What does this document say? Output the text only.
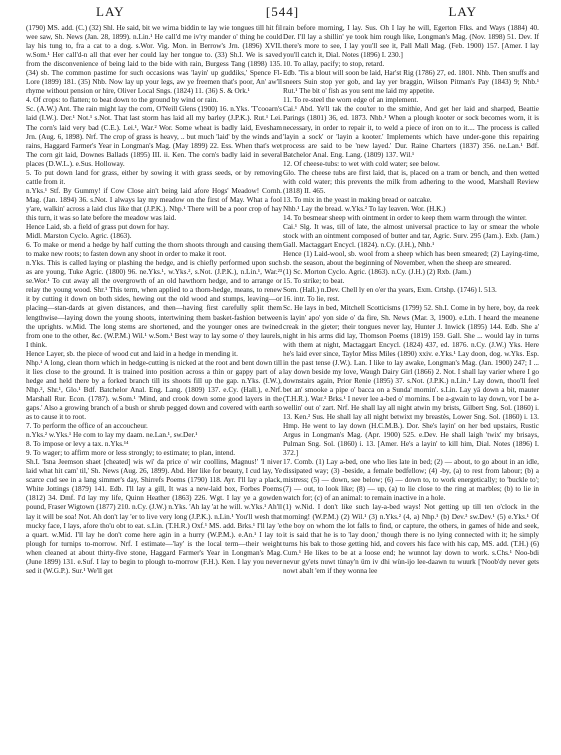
LAY	[544]	LAY

(1790) MS. add. (C.) (32) Shl. He said, bit we wirna biddin te lay wie tongues till hit fil wee saw, Sh. News (Jan. 28, 1899). n.Lin.¹ He call'd me iv'ry mander o' thing he could lay his tung to, fra a cat to a dog. s.Wor. Vig. Mon. in Berrow's Jrn. (1896) XVII. w.Som.¹ Her call'd-n all that ever her could lay her tongue to. (33) Sh.I. We is saved from the disconvenience of being laid to the bide with rain, Burgess Tang (1898) 135. (34) sb. The common pastime for such occasions was 'layin' up guddiks,' Spence Fl-Lore (1899) 181. (35) Nhb. Now lay up your legs, aw ye freemen that's poor, An' aw'll rhyme without pension or hire, Oliver Local Sngs. (1824) 11. (36) S. & Ork.¹

4. Of crops: to flatten; to beat down to the ground by wind or rain.

Sc. (A.W.) Ant. The rain might lay the corn, O'Neill Glens (1900) 16. n.Yks. 'T'cooarn's laid (I.W.). Der.¹ Not.¹ s.Not. That last storm has laid all my barley (J.P.K.). Rut.¹ Lei. The corn's laid very bad (C.E.). Lei.¹, War.² Wor. Some wheat is badly laid, Evesham Jrn. (Aug. 6, 1898). Nrf. The crop of grass is heavy, .. but much 'laid' by the winds and rains, Haggard Farmer's Year in Longman's Mag. (May 1899) 22. Ess. When that's wet The corn git laid, Downes Ballads (1895) III. ii. Ken. The corn's badly laid in several places (D.W.L.). e.Sus. Holloway.

5. To put down land for grass, either by sowing it with grass seeds, or by removing cattle from it.

n.Yks.¹ Stf. By Gummy! if Cow Close ain't being laid afore Hogs' Meadow! Cornh. Mag. (Jan. 1894) 36. s.Not. I always lay my meadow on the first of May. What a fool y'are, walkin' across a laid clus like that (J.P.K.). Nhp.¹ There will be a poor crop of hay this turn, it was so late before the meadow was laid.

Hence Laid, sb. a field of grass put down for hay.

Midl. Marston Cyclo. Agric. (1863).

6. To make or mend a hedge by half cutting the thorn shoots through and causing them to make new roots; to fasten down any shoot in order to make it root.

n.Yks. This is called laying or plashing the hedge, and is chiefly performed upon such as are young, Tuke Agric. (1800) 96. ne.Yks.¹, w.Yks.², s.Not. (J.P.K.), n.Lin.¹, War.²³ se.Wor.¹ To cut away all the overgrowth of an old hawthorn hedge, and to arrange or relay the young wood. Shr.¹ This term, when applied to a thorn-hedge, means, to renew it by cutting it down on both sides, hewing out the old wood and stumps, leaving—or placing—stan-dards at given distances, and then—having first carefully split them lengthwise—laying down the young shoots, intertwining them basket-fashion between the uprights. w.Mid. The long stems are shortened, and the younger ones are twined from one to the other, &c. (W.P.M.) Wil.¹ w.Som.¹ Best way to lay some o' they laurels, I think.

Hence Layer, sb. the piece of wood cut and laid in a hedge in mending it.

Nhp.¹ A long, clean thorn which in hedge-cutting is nicked at the root and bent down till it lies close to the ground. It is trained into position across a thin or gappy part of a hedge and held there by a forked branch till its shoots fill up the gap. n.Yks. (I.W.), Nhp.², Shr.¹, Glo.¹ Bdf. Batchelor Anal. Eng. Lang. (1809) 137. e.Cy. (Hall.), e.Nrf. Marshall Rur. Econ. (1787). w.Som.¹ 'Mind, and crook down some good layers in the gaps.' Also a growing branch of a bush or shrub pegged down and covered with earth so as to cause it to root.

7. To perform the office of an accoucheur.

n.Yks.² w.Yks.¹ He com to lay my daam. ne.Lan.¹, sw.Der.¹

8. To impose or levy a tax. n.Yks.¹⁴

9. To wager; to affirm more or less strongly; to estimate; to plan, intend.

Sh.I. 'Isna Jeemson shaet [cheated] wis wi' da price o' wir coollins, Magnus!' 'I niver laid what hit cam' til,' Sh. News (Aug. 26, 1899). Abd. Her like for beauty, I cud lay, Ye scarce cud see in a lang simmer's day, Shirrefs Poems (1790) 118. Ayr. I'll lay a plack, White Jottings (1879) 141. Edb. I'll lay a gill, It was a new-laid box, Forbes Poems (1812) 34. Dmf. I'd lay my life, Quinn Heather (1863) 226. Wgt. I lay ye a gowden pound, Fraser Wigtown (1877) 210. n.Cy. (J.W.) n.Yks. 'Ah lay 'at he will. w.Yks.¹ Ah'll lay it will be soa! Not. Ah don't lay 'er to live very long (J.P.K.). n.Lin.¹ You'll wesh that mucky face, I lays, afore tho'u obt to eat. s.Lin. (T.H.R.) Oxf.¹ MS. add. Brks.¹ I'll lay 'e a quart. w.Mid. I'll lay he don't come here agin in a hurry (W.P.M.). e.An.¹ I lay to plough for turnips to-morrow. Nrf. I estimate—'lay' is the local term—their weight when cleaned at about thirty-five stone, Haggard Farmer's Year in Longman's Mag. (June 1899) 131. e.Suf. I lay to begin to plough to-morrow (F.H.). Ken. I lay you never sed it (W.G.P.). Sur.¹ We'll get

rain before morning, I lay. Sus. Oh I lay he will, Egerton Flks. and Ways (1884) 40. Der. I'll lay a shillin' ye took him rough like, Longman's Mag. (Nov. 1898) 51. Dev. If there's more to see, I lay you'll see it, Pall Mall Mag. (Feb. 1900) 157. [Amer. I lay you'll catch it, Dial. Notes (1896) I. 230.]

10. To allay, pacify; to stop, retard.

Edb. 'Tis a blout will soon be laid, Har'st Rig (1786) 27, ed. 1801. Nhb. Then snuffs and sneers Suin stop yer gob, and lay yer braggin, Wilson Pitman's Pay (1843) 9; Nhb.¹ Rut.¹ The bit o' fish as you sent me laid my appetite.

11. To re-steel the worn edge of an implement.

Cai.¹ Abd. Ye'll tak the cou'ter to the smithie, And get her laid and sharped, Beattie Parings (1801) 36, ed. 1873. Nhb.¹ When a plough kooter or sock becomes worn, it is necessary, in order to repair it, to weld a piece of iron on to it.... The process is called 'layin a sock' or 'layin a kooter.' Implements which have under-gone this repairing process are said to be 'new layed.' Dur. Raine Charters (1837) 356. ne.Lan.¹ Bdf. Batchelor Anal. Eng. Lang. (1809) 137. Wil.¹

12. Of cheese-tubs: to wet with cold water; see below.

Glo. The cheese tubs are first laid, that is, placed on a tram or bench, and then wetted with cold water; this prevents the milk from adhering to the wood, Marshall Review (1818) II. 465.

13. To mix in the yeast in making bread or oatcake.

Nhb.¹ Lay the bread. w.Yks.² To lay leaven. Wor. (H.K.)

14. To besmear sheep with ointment in order to keep them warm through the winter.

Cai.¹ Slg. It was, till of late, the almost universal practice to lay or smear the whole stock with an ointment composed of butter and tar, Agric. Surv. 295 (Jam.). Exb. (Jam.) Gall. Mactaggart Encycl. (1824). n.Cy. (J.H.), Nhb.¹

Hence (1) Laid-wool, sb. wool from a sheep which has been smeared; (2) Laying-time, sb. the season, about the beginning of November, when the sheep are smeared.

(1) Sc. Morton Cyclo. Agric. (1863). n.Cy. (J.H.) (2) Rxb. (Jam.)

15. To strike; to beat.

Som. (Hall.) n.Dev. Chell ly en o'er tha years, Exm. Crtshp. (1746) l. 513.

16. intr. To lie, rest.

Sc. He lays in bed, Mitchell Scotticisms (1799) 52. Sh.I. Come in by here, boy, da reek is layin' apo' yon side o' da fire, Sh. News (Mar. 3, 1900). e.Lth. I heard the meanene creak in the gieter; their tongues never lay, Hunter J. Inwick (1895) 144. Edb. She a' night in his arms did lay, Thomson Poems (1819) 159. Gall. She ... would lay in turns with them at night, Mactaggart Encycl. (1824) 437, ed. 1876. n.Cy. (J.W.) Yks. Here he's laid ever since, Taylor Miss Miles (1890) xxiv. e.Yks.¹ Lay doon, dog. w.Yks. Esp. in the past tense (J.W.). Lan. I like to lay awake, Longman's Mag. (Jan. 1900) 247; I ... lay down beside my love, Waugh Dairy Girl (1866) 2. Not. I shall lay varier where I go downstairs again, Prior Renie (1895) 37. s.Not. (J.P.K.) n.Lin.¹ Lay down, thoo'll feel bet an' smooke a pipe o' bacca on a Sunda' mornin'. s.Lin. Lay yä down a bit, mauter (T.H.R.). War.² Brks.¹ I never lee a-bed o' mornins. I be a-gwain to lay down, vor I be a-wellin' out o' zart. Nrf. He shall lay all night atwin my brists, Gilbert Sng. Sol. (1860) i. 13. Ken.² Sus. He shall lay all night betwixt my breastès, Lower Sng. Sol. (1860) i. 13. Hmp. He went to lay down (H.C.M.B.). Dor. She's layin' on her bed upstairs, Rustic Argus in Longman's Mag. (Apr. 1900) 525. e.Dev. He shall laigh 'twix' my brisays, Pulman Sng. Sol. (1860) i. 13. [Amer. He's a layin' to kill him, Dial. Notes (1896) I. 372.]

17. Comb. (1) Lay a-bed, one who lies late in bed; (2) — about, to go about in an idle, dissipated way; (3) -beside, a female bedfellow; (4) -by, (a) to rest from labour; (b) a mistress; (5) — down, see below; (6) — down to, to work energetically; to 'buckle to'; (7) — out, to look like; (8) — up, (a) to lie close to the ring at marbles; (b) to lie in watch for; (c) of an animal: to remain inactive in a hole.

(1) w.Nid. I don't like such lay-a-bed ways! Not getting up till ten o'clock in the morning! (W.P.M.) (2) Wil.¹ (3) n.Yks.² (4, a) Nhp.¹ (b) Dev.³ sw.Dev.¹ (5) e.Yks.¹ Of the boy on whom the lot falls to find, or capture, the others, in games of hide and seek, it is said that he is to 'lay doon,' though there is no lying connected with it; he simply turns his bak to those getting hid, and covers his face with his cap, MS. add. (T.H.) (6) Cum.¹ He likes to be at a loose end; he wunnot lay down to work. s.Chs.¹ Noo-bdi nevur gy'ets nuwt tùnay'n üm iv dhi wùn-ijo lee-daawn tu wuurk ['Noob'dy never gets nowt abalt 'em if they wonna lee
